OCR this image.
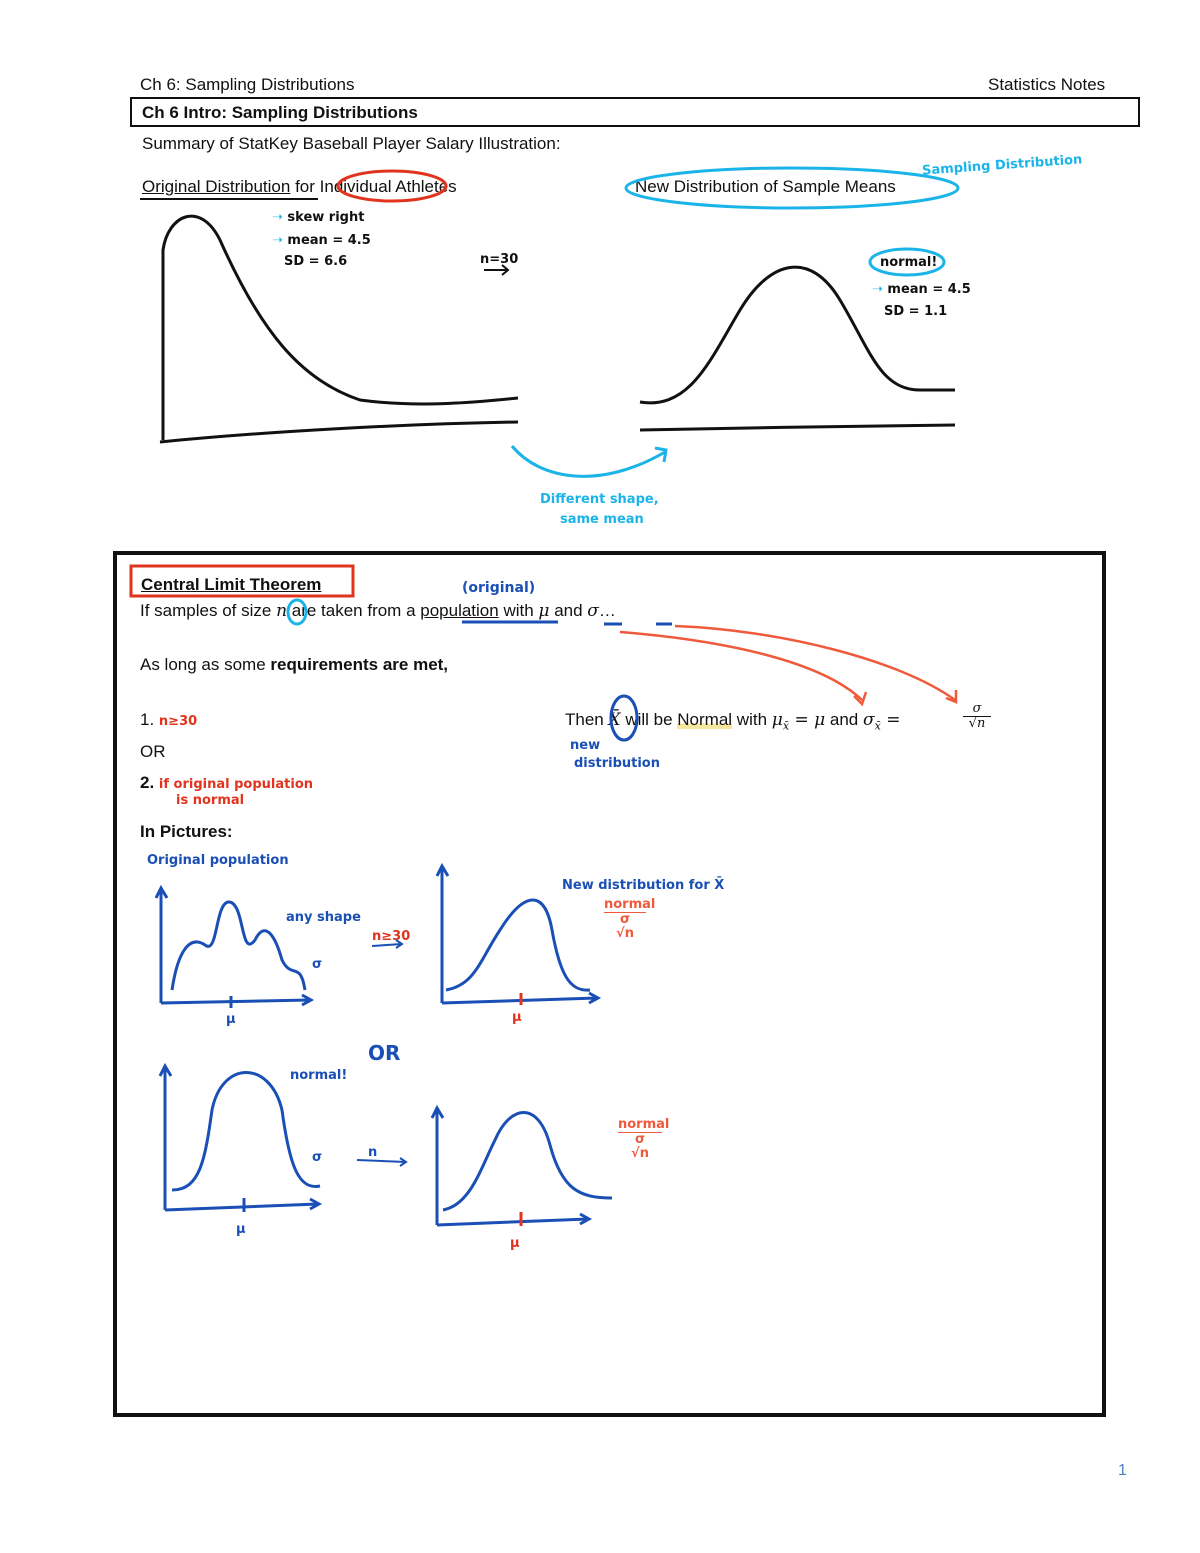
Ch 6: Sampling Distributions	Statistics Notes
Ch 6 Intro: Sampling Distributions
Summary of StatKey Baseball Player Salary Illustration:
Original Distribution for Individual Athletes	New Distribution of Sample Means
Sampling Distribution
➝ skew right
➝ mean = 4.5
SD = 6.6	n=30	normal!
➝ mean = 4.5
SD = 1.1
Different shape,
same mean
Central Limit Theorem	(original)
If samples of size n are taken from a population with μ and σ…
As long as some requirements are met,
1. n≥30
OR
2. if original population
is normal
Then X̄ will be Normal with $\mu_{x̄} = \mu$ and $\sigma_{x̄}$ =
σ
√n
new
distribution
In Pictures:
Original population
any shape
σ
μ
n≥30
New distribution for X̄
normal
σ
√n
μ
OR
normal!
σ
μ
n
normal
σ
√n
μ
1
